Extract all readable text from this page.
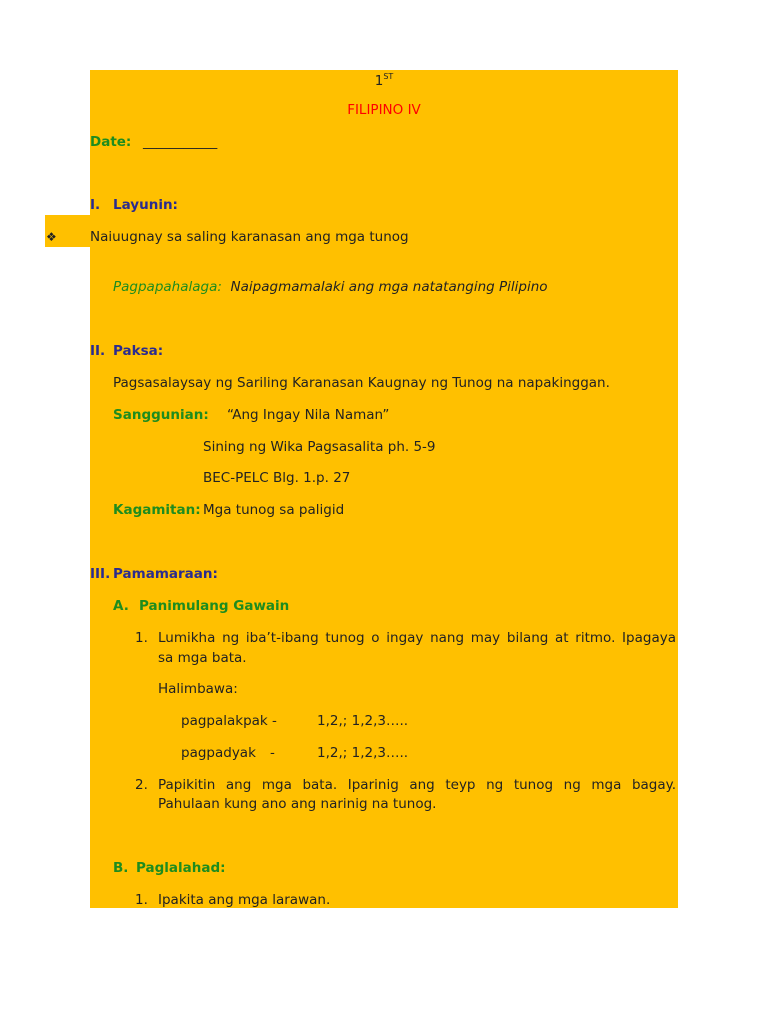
1ST
FILIPINO IV
Date: ___________
I. Layunin:
❖ Naiuugnay sa saling karanasan ang mga tunog
Pagpapahalaga: Naipagmamalaki ang mga natatanging Pilipino
II. Paksa:
Pagsasalaysay ng Sariling Karanasan Kaugnay ng Tunog na napakinggan.
Sanggunian: “Ang Ingay Nila Naman”
Sining ng Wika Pagsasalita ph. 5-9
BEC-PELC Blg. 1.p. 27
Kagamitan: Mga tunog sa paligid
III. Pamamaraan:
A. Panimulang Gawain
1. Lumikha ng iba’t-ibang tunog o ingay nang may bilang at ritmo. Ipagaya
sa mga bata.
Halimbawa:
pagpalakpak -	1,2,; 1,2,3…..
pagpadyak -	1,2,; 1,2,3…..
2. Papikitin ang mga bata. Iparinig ang teyp ng tunog ng mga bagay.
Pahulaan kung ano ang narinig na tunog.
B. Paglalahad:
1. Ipakita ang mga larawan.
